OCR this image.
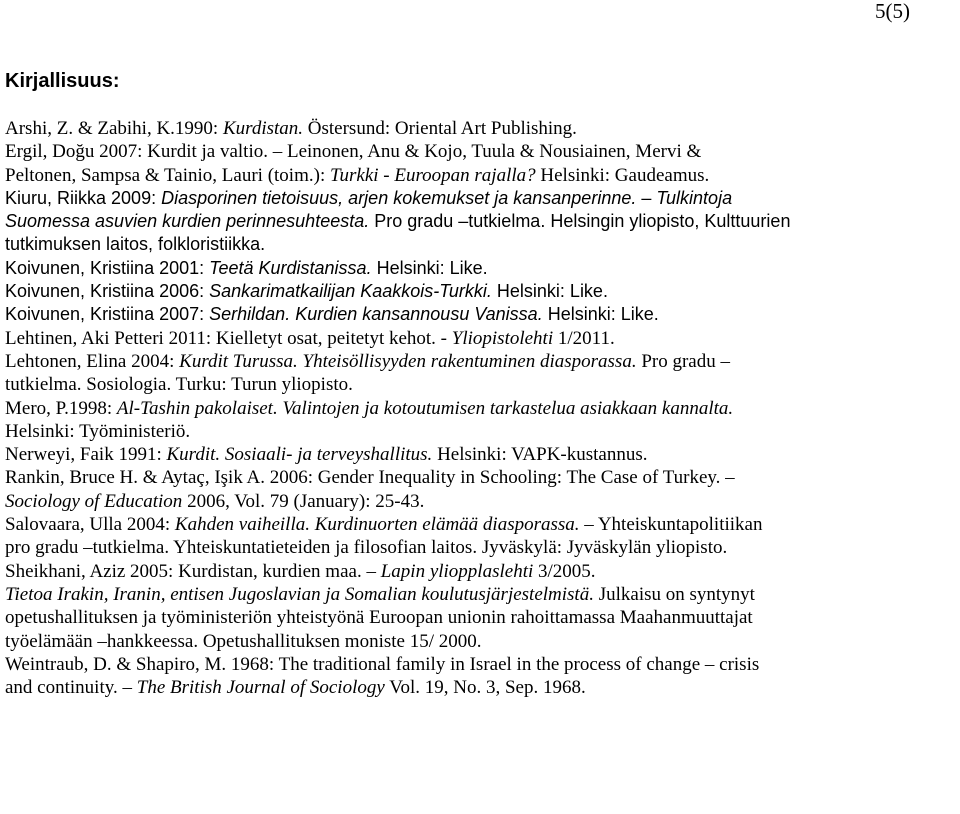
5(5)
Kirjallisuus:
Arshi, Z. & Zabihi, K.1990: Kurdistan. Östersund: Oriental Art Publishing.
Ergil, Doğu 2007: Kurdit ja valtio. – Leinonen, Anu & Kojo, Tuula & Nousiainen, Mervi &
Peltonen, Sampsa & Tainio, Lauri (toim.): Turkki - Euroopan rajalla? Helsinki: Gaudeamus.
Kiuru, Riikka 2009: Diasporinen tietoisuus, arjen kokemukset ja kansanperinne. – Tulkintoja
Suomessa asuvien kurdien perinnesuhteesta. Pro gradu –tutkielma. Helsingin yliopisto, Kulttuurien
tutkimuksen laitos, folkloristiikka.
Koivunen, Kristiina 2001: Teetä Kurdistanissa. Helsinki: Like.
Koivunen, Kristiina 2006: Sankarimatkailijan Kaakkois-Turkki. Helsinki: Like.
Koivunen, Kristiina 2007: Serhildan. Kurdien kansannousu Vanissa. Helsinki: Like.
Lehtinen, Aki Petteri 2011: Kielletyt osat, peitetyt kehot. - Yliopistolehti 1/2011.
Lehtonen, Elina 2004: Kurdit Turussa. Yhteisöllisyyden rakentuminen diasporassa. Pro gradu –
tutkielma. Sosiologia. Turku: Turun yliopisto.
Mero, P.1998: Al-Tashin pakolaiset. Valintojen ja kotoutumisen tarkastelua asiakkaan kannalta.
Helsinki: Työministeriö.
Nerweyi, Faik 1991: Kurdit. Sosiaali- ja terveyshallitus. Helsinki: VAPK-kustannus.
Rankin, Bruce H. & Aytaç, Işik A. 2006: Gender Inequality in Schooling: The Case of Turkey. –
Sociology of Education 2006, Vol. 79 (January): 25-43.
Salovaara, Ulla 2004: Kahden vaiheilla. Kurdinuorten elämää diasporassa. – Yhteiskuntapolitiikan
pro gradu –tutkielma. Yhteiskuntatieteiden ja filosofian laitos. Jyväskylä: Jyväskylän yliopisto.
Sheikhani, Aziz 2005: Kurdistan, kurdien maa. – Lapin yliopplaslehti 3/2005.
Tietoa Irakin, Iranin, entisen Jugoslavian ja Somalian koulutusjärjestelmistä. Julkaisu on syntynyt
opetushallituksen ja työministeriön yhteistyönä Euroopan unionin rahoittamassa Maahanmuuttajat
työelämään –hankkeessa. Opetushallituksen moniste 15/ 2000.
Weintraub, D. & Shapiro, M. 1968: The traditional family in Israel in the process of change – crisis
and continuity. – The British Journal of Sociology Vol. 19, No. 3, Sep. 1968.
